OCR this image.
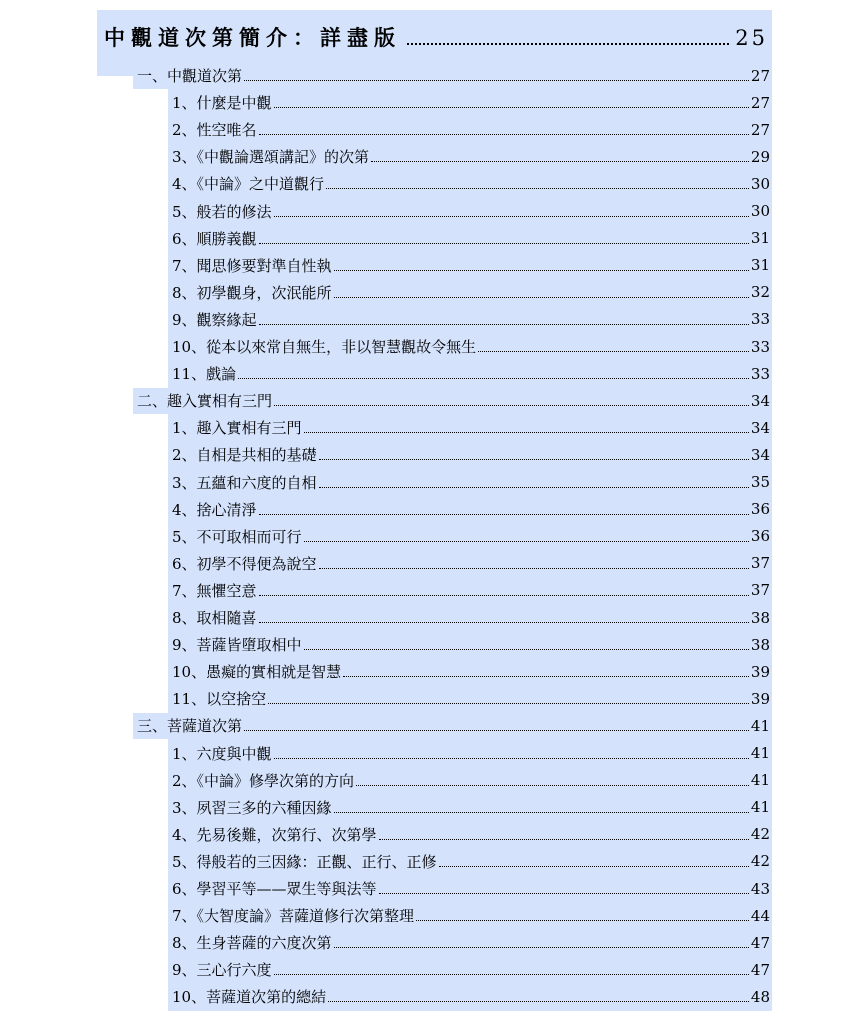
中觀道次第簡介：詳盡版	25
一、中觀道次第	27
1、什麼是中觀	27
2、性空唯名	27
3、《中觀論選頌講記》的次第	29
4、《中論》之中道觀行	30
5、般若的修法	30
6、順勝義觀	31
7、聞思修要對準自性執	31
8、初學觀身，次泯能所	32
9、觀察緣起	33
10、從本以來常自無生，非以智慧觀故令無生	33
11、戲論	33
二、趣入實相有三門	34
1、趣入實相有三門	34
2、自相是共相的基礎	34
3、五蘊和六度的自相	35
4、捨心清淨	36
5、不可取相而可行	36
6、初學不得便為說空	37
7、無懼空意	37
8、取相隨喜	38
9、菩薩皆墮取相中	38
10、愚癡的實相就是智慧	39
11、以空捨空	39
三、菩薩道次第	41
1、六度與中觀	41
2、《中論》修學次第的方向	41
3、夙習三多的六種因緣	41
4、先易後難，次第行、次第學	42
5、得般若的三因緣：正觀、正行、正修	42
6、學習平等——眾生等與法等	43
7、《大智度論》菩薩道修行次第整理	44
8、生身菩薩的六度次第	47
9、三心行六度	47
10、菩薩道次第的總結	48
